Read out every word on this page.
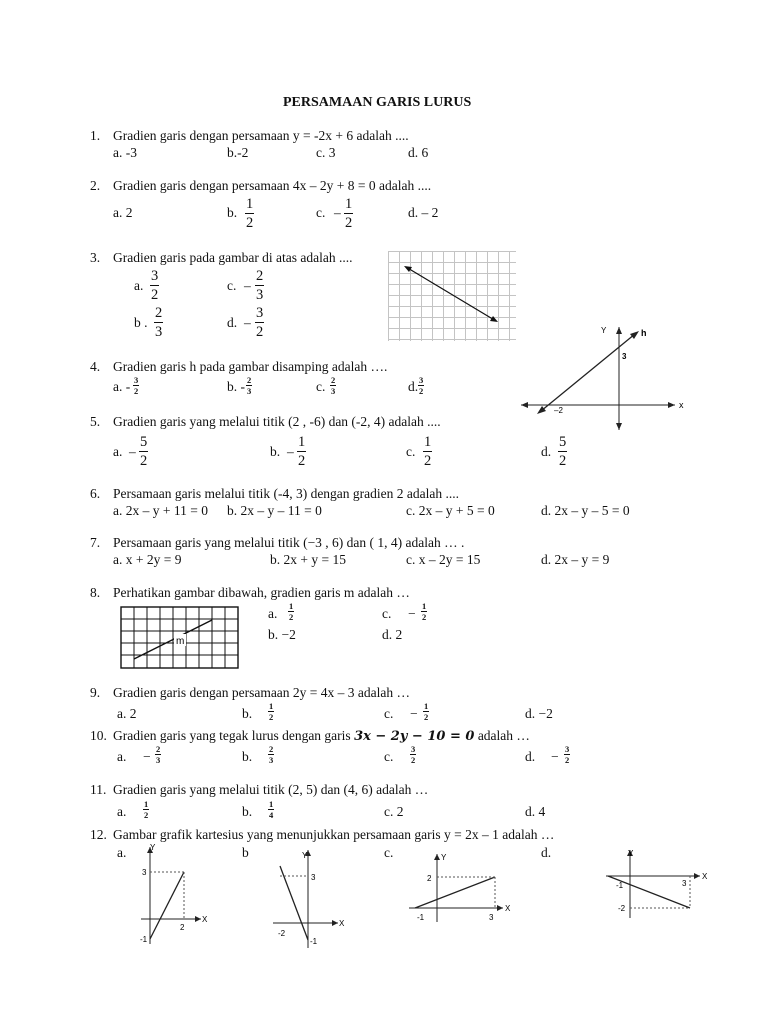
PERSAMAAN GARIS LURUS
1. Gradien garis dengan persamaan y = -2x + 6 adalah ....
a. -3	b.-2	c. 3	d. 6
2. Gradien garis dengan persamaan 4x – 2y + 8 = 0 adalah ....
a. 2	b. $\frac{1}{2}$	c. – $\frac{1}{2}$	d. – 2
3. Gradien garis pada gambar di atas adalah ....
a. $\frac{3}{2}$	c. – $\frac{2}{3}$
b . $\frac{2}{3}$	d. – $\frac{3}{2}$
4. Gradien garis h pada gambar disamping adalah ….
a. - $\frac{3}{2}$	b. - $\frac{2}{3}$	c. $\frac{2}{3}$	d. $\frac{3}{2}$
x
Y	h
3
–2
5. Gradien garis yang melalui titik (2 , -6) dan (-2, 4) adalah ....
a. – $\frac{5}{2}$	b. – $\frac{1}{2}$	c. $\frac{1}{2}$	d. $\frac{5}{2}$
6. Persamaan garis melalui titik (-4, 3) dengan gradien 2 adalah ....
a. 2x – y + 11 = 0 b. 2x – y – 11 = 0	c. 2x – y + 5 = 0	d. 2x – y – 5 = 0
7. Persamaan garis yang melalui titik (−3 , 6) dan ( 1, 4) adalah … .
a. x + 2y = 9	b. 2x + y = 15	c. x – 2y = 15	d. 2x – y = 9
8. Perhatikan gambar dibawah, gradien garis m adalah …
a. $\frac{1}{2}$	c. − $\frac{1}{2}$
b. −2	d. 2
m
9. Gradien garis dengan persamaan 2y = 4x – 3 adalah …
a. 2	b. $\frac{1}{2}$	c. − $\frac{1}{2}$	d. −2
10. Gradien garis yang tegak lurus dengan garis 3x − 2y − 10 = 0 adalah …
a. − $\frac{2}{3}$	b. $\frac{2}{3}$	c. $\frac{3}{2}$	d. − $\frac{3}{2}$
11. Gradien garis yang melalui titik (2, 5) dan (4, 6) adalah …
a. $\frac{1}{2}$	b. $\frac{1}{4}$	c. 2	d. 4
12. Gambar grafik kartesius yang menunjukkan persamaan garis y = 2x – 1 adalah …
a.	b	c.	d.
Y
X
3
2
-1
Y
X
3
-2
-1
Y
X
2
-1	3
Y
X
-1	3
-2
